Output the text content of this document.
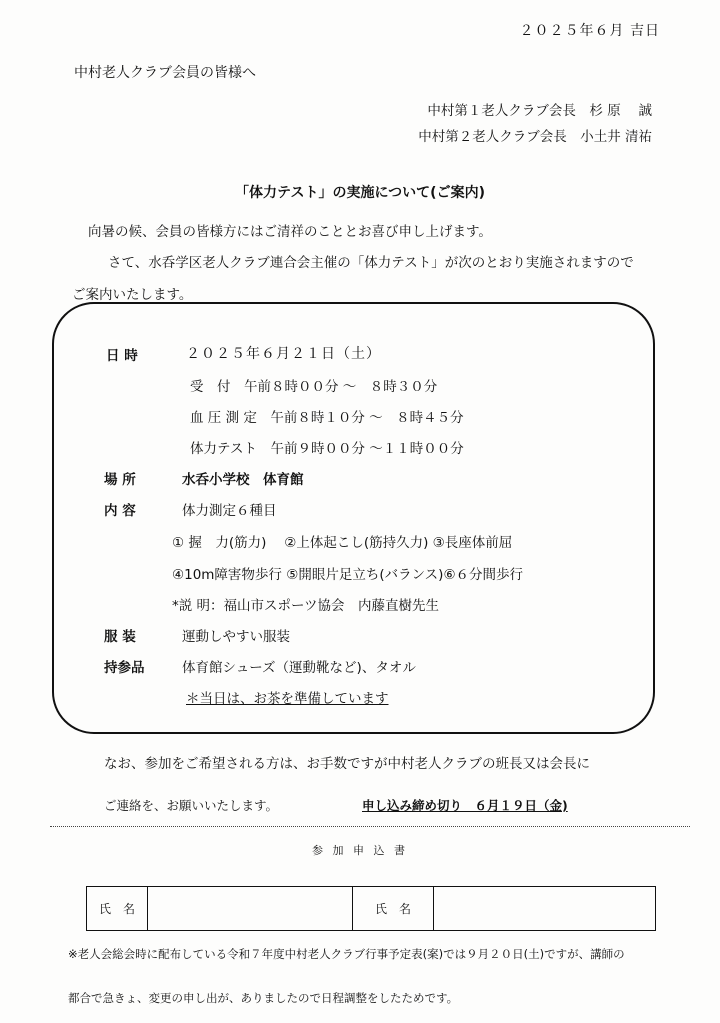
２０２５年６月 吉日
中村老人クラブ会員の皆様へ
中村第１老人クラブ会長　杉 原　 誠
中村第２老人クラブ会長　小土井 清祐
「体力テスト」の実施について(ご案内)
向暑の候、会員の皆様方にはご清祥のこととお喜び申し上げます。
さて、水呑学区老人クラブ連合会主催の「体力テスト」が次のとおり実施されますので
ご案内いたします。
日 時	２０２５年６月２１日（土）
受　付　午前８時００分 ～　８時３０分
血 圧 測 定　午前８時１０分 ～　８時４５分
体力テスト　午前９時００分 ～１１時００分
場 所	水呑小学校　体育館
内 容	体力測定６種目
① 握　力(筋力)　 ②上体起こし(筋持久力) ③長座体前屈
④10m障害物歩行 ⑤開眼片足立ち(バランス)⑥６分間歩行
*説 明：福山市スポーツ協会　内藤直樹先生
服 装	運動しやすい服装
持参品	体育館シューズ（運動靴など)、タオル
＊当日は、お茶を準備しています
なお、参加をご希望される方は、お手数ですが中村老人クラブの班長又は会長に
ご連絡を、お願いいたします。	申し込み締め切り　６月１９日（金)
参 加 申 込 書
氏　名		氏　名	
※老人会総会時に配布している令和７年度中村老人クラブ行事予定表(案)では９月２０日(土)ですが、講師の
都合で急きょ、変更の申し出が、ありましたので日程調整をしたためです。
